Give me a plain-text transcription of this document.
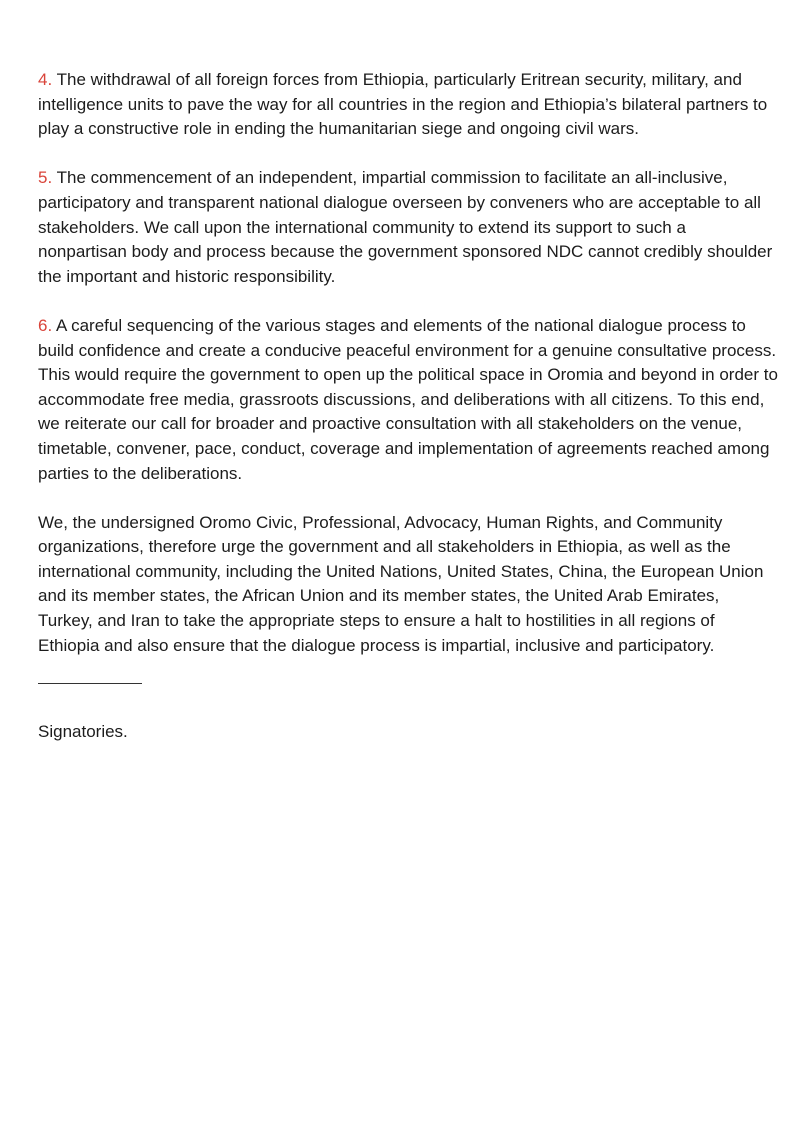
4. The withdrawal of all foreign forces from Ethiopia, particularly Eritrean security, military, and intelligence units to pave the way for all countries in the region and Ethiopia’s bilateral partners to play a constructive role in ending the humanitarian siege and ongoing civil wars.

5. The commencement of an independent, impartial commission to facilitate an all-inclusive, participatory and transparent national dialogue overseen by conveners who are acceptable to all stakeholders. We call upon the international community to extend its support to such a nonpartisan body and process because the government sponsored NDC cannot credibly shoulder the important and historic responsibility.

6. A careful sequencing of the various stages and elements of the national dialogue process to build confidence and create a conducive peaceful environment for a genuine consultative process. This would require the government to open up the political space in Oromia and beyond in order to accommodate free media, grassroots discussions, and deliberations with all citizens. To this end, we reiterate our call for broader and proactive consultation with all stakeholders on the venue, timetable, convener, pace, conduct, coverage and implementation of agreements reached among parties to the deliberations.

We, the undersigned Oromo Civic, Professional, Advocacy, Human Rights, and Community organizations, therefore urge the government and all stakeholders in Ethiopia, as well as the international community, including the United Nations, United States, China, the European Union and its member states, the African Union and its member states, the United Arab Emirates, Turkey, and Iran to take the appropriate steps to ensure a halt to hostilities in all regions of Ethiopia and also ensure that the dialogue process is impartial, inclusive and participatory.

Signatories.
